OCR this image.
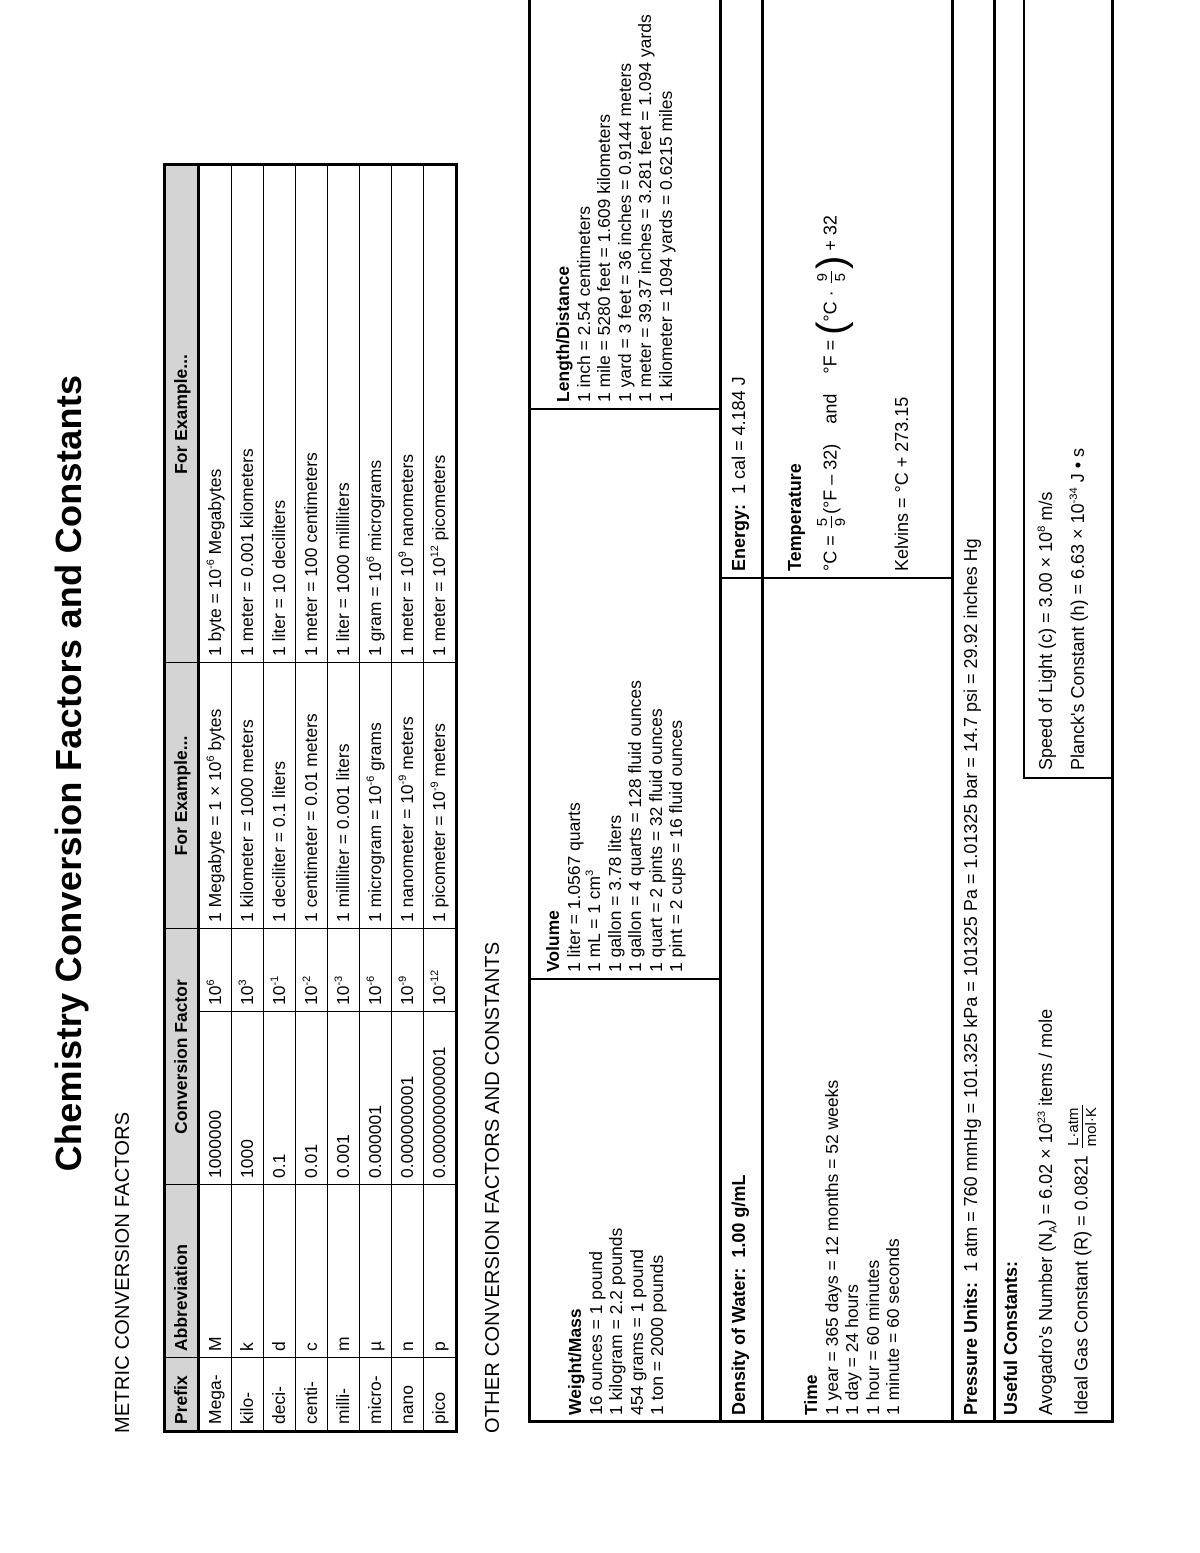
Chemistry Conversion Factors and Constants
METRIC CONVERSION FACTORS Prefix	Abbreviation	Conversion Factor		For Example...	For Example...
Mega-	M	1000000	$10^6$	1 Megabyte = $1 \times 10^6$ bytes	1 byte = $10^{-6}$ Megabytes
kilo-	k	1000	$10^3$	1 kilometer = 1000 meters	1 meter = 0.001 kilometers
deci-	d	0.1	$10^{-1}$	1 deciliter = 0.1 liters	1 liter = 10 deciliters
centi-	c	0.01	$10^{-2}$	1 centimeter = 0.01 meters	1 meter = 100 centimeters
milli-	m	0.001	$10^{-3}$	1 milliliter = 0.001 liters	1 liter = 1000 milliliters
micro-	µ	0.000001	$10^{-6}$	1 microgram = $10^{-6}$ grams	1 gram = $10^6$ micrograms
nano	n	0.000000001	$10^{-9}$	1 nanometer = $10^{-9}$ meters	1 meter = $10^9$ nanometers
pico	p	0.000000000001	$10^{-12}$	1 picometer = $10^{-9}$ meters	1 meter = $10^{12}$ picometers
OTHER CONVERSION FACTORS AND CONSTANTS	Weight/Mass 16 ounces = 1 pound 1 kilogram = 2.2 pounds 454 grams = 1 pound 1 ton = 2000 pounds
Volume 1 liter = 1.0567 quarts 1 mL = 1 $cm^3$ 1 gallon = 3.78 liters 1 gallon = 4 quarts = 128 fluid ounces 1 quart = 2 pints = 32 fluid ounces 1 pint = 2 cups = 16 fluid ounces
Length/Distance 1 inch = 2.54 centimeters 1 mile = 5280 feet = 1.609 kilometers 1 yard = 3 feet = 36 inches = 0.9144 meters 1 meter = 39.37 inches = 3.281 feet = 1.094 yards 1 kilometer = 1094 yards = 0.6215 miles
Density of Water:  1.00 g/mL
Energy:  1 cal = 4.184 J
Time 1 year = 365 days = 12 months = 52 weeks 1 day = 24 hours 1 hour = 60 minutes 1 minute = 60 seconds
Temperature °C =
5 9
(°F – 32)    and    °F = (°C ·
9 5
) + 32
Kelvins = °C + 273.15
Pressure Units:  1 atm = 760 mmHg = 101.325 kPa = 101325 Pa = 1.01325 bar = 14.7 psi = 29.92 inches Hg
Useful Constants: Avogadro's Number $(N_A) = 6.02 \times 10^{23}$ items / mole
Ideal Gas Constant (R) = 0.0821
L·atm mol·K
Speed of Light $(c) = 3.00 \times 10^8$ m/s Planck's Constant $(h) = 6.63 \times 10^{-34}$ J • s
